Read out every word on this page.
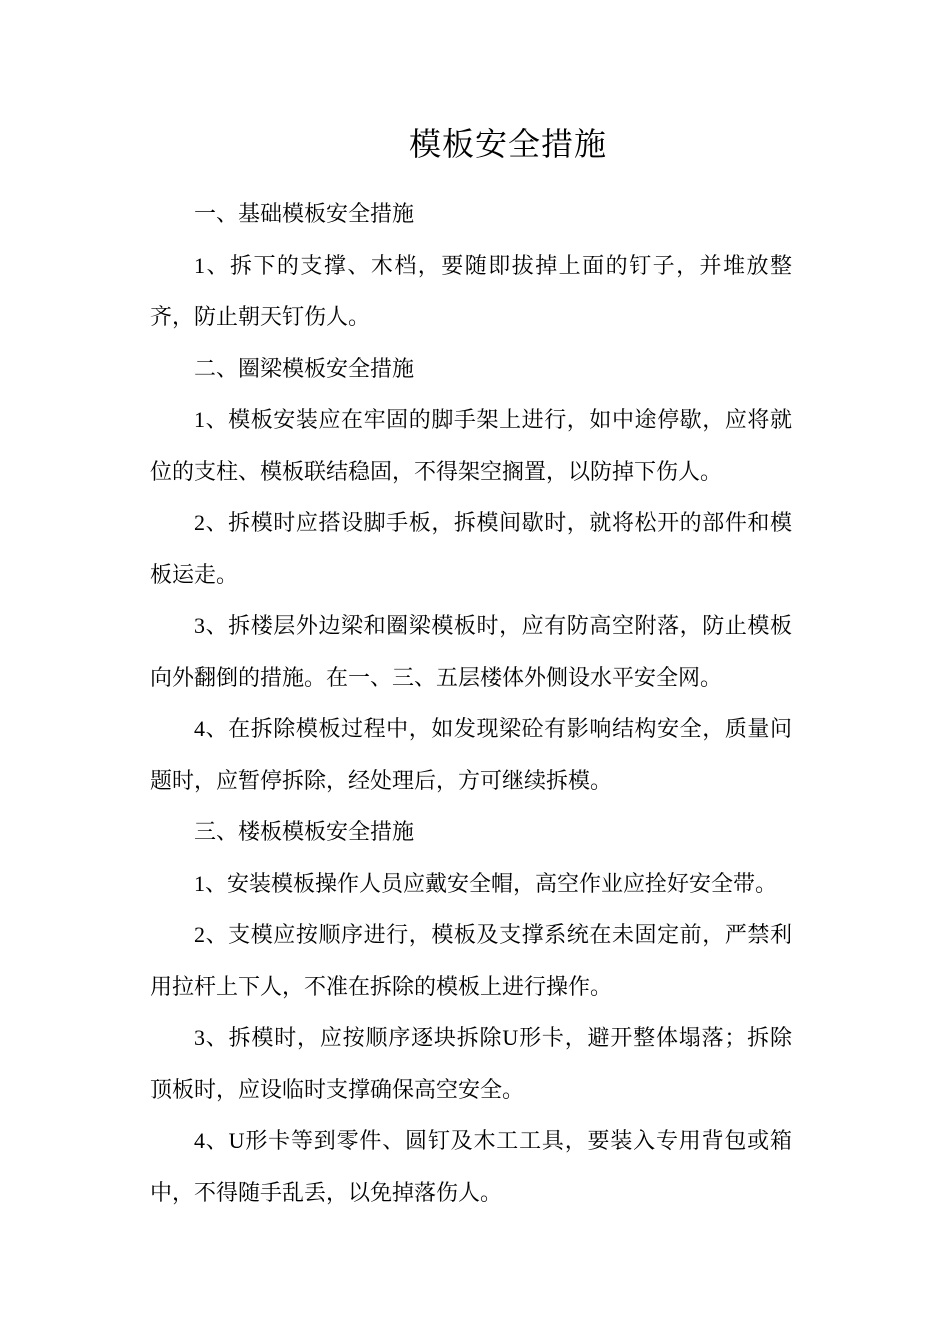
模板安全措施

一、基础模板安全措施

1、拆下的支撑、木档，要随即拔掉上面的钉子，并堆放整齐，防止朝天钉伤人。

二、圈梁模板安全措施

1、模板安装应在牢固的脚手架上进行，如中途停歇，应将就位的支柱、模板联结稳固，不得架空搁置，以防掉下伤人。

2、拆模时应搭设脚手板，拆模间歇时，就将松开的部件和模板运走。

3、拆楼层外边梁和圈梁模板时，应有防高空附落，防止模板向外翻倒的措施。在一、三、五层楼体外侧设水平安全网。

4、在拆除模板过程中，如发现梁砼有影响结构安全，质量问题时，应暂停拆除，经处理后，方可继续拆模。

三、楼板模板安全措施

1、安装模板操作人员应戴安全帽，高空作业应拴好安全带。

2、支模应按顺序进行，模板及支撑系统在未固定前，严禁利用拉杆上下人，不准在拆除的模板上进行操作。

3、拆模时，应按顺序逐块拆除U形卡，避开整体塌落；拆除顶板时，应设临时支撑确保高空安全。

4、U形卡等到零件、圆钉及木工工具，要装入专用背包或箱中，不得随手乱丢，以免掉落伤人。
